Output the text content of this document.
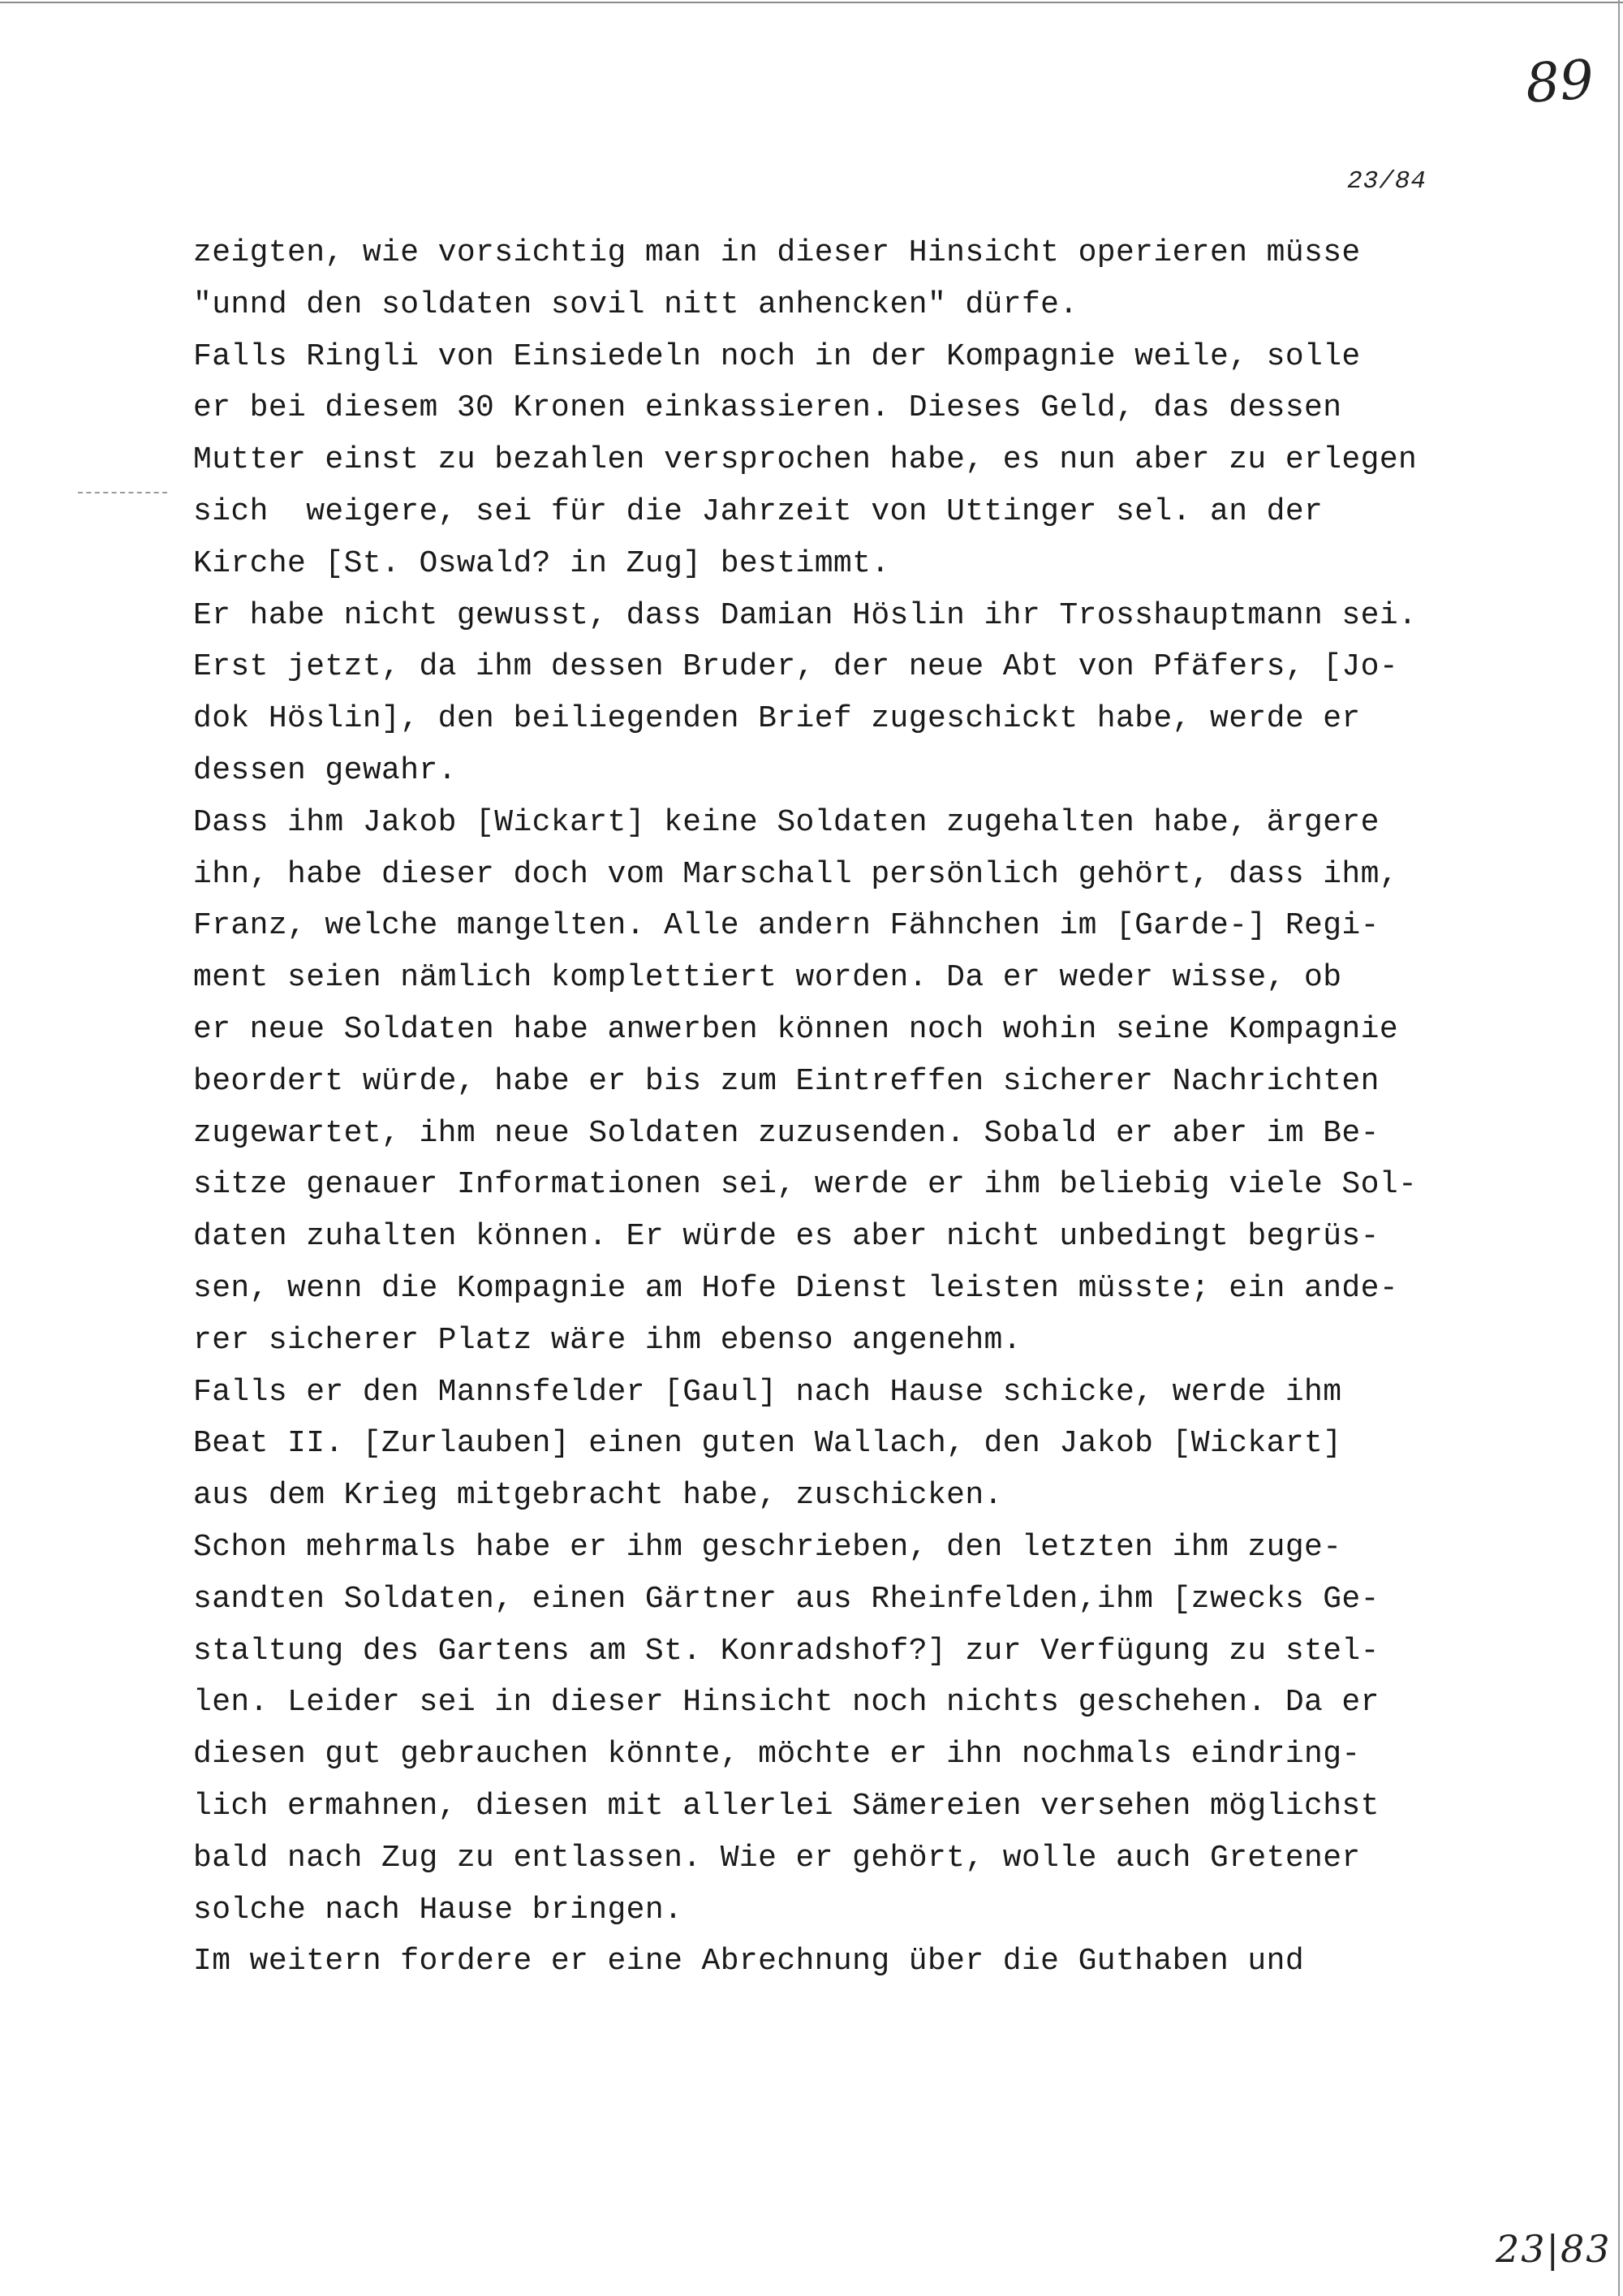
89
23/84
zeigten, wie vorsichtig man in dieser Hinsicht operieren müsse
"unnd den soldaten sovil nitt anhencken" dürfe.
Falls Ringli von Einsiedeln noch in der Kompagnie weile, solle
er bei diesem 30 Kronen einkassieren. Dieses Geld, das dessen
Mutter einst zu bezahlen versprochen habe, es nun aber zu erlegen
sich  weigere, sei für die Jahrzeit von Uttinger sel. an der
Kirche [St. Oswald? in Zug] bestimmt.
Er habe nicht gewusst, dass Damian Höslin ihr Trosshauptmann sei.
Erst jetzt, da ihm dessen Bruder, der neue Abt von Pfäfers, [Jo-
dok Höslin], den beiliegenden Brief zugeschickt habe, werde er
dessen gewahr.
Dass ihm Jakob [Wickart] keine Soldaten zugehalten habe, ärgere
ihn, habe dieser doch vom Marschall persönlich gehört, dass ihm,
Franz, welche mangelten. Alle andern Fähnchen im [Garde-] Regi-
ment seien nämlich komplettiert worden. Da er weder wisse, ob
er neue Soldaten habe anwerben können noch wohin seine Kompagnie
beordert würde, habe er bis zum Eintreffen sicherer Nachrichten
zugewartet, ihm neue Soldaten zuzusenden. Sobald er aber im Be-
sitze genauer Informationen sei, werde er ihm beliebig viele Sol-
daten zuhalten können. Er würde es aber nicht unbedingt begrüs-
sen, wenn die Kompagnie am Hofe Dienst leisten müsste; ein ande-
rer sicherer Platz wäre ihm ebenso angenehm.
Falls er den Mannsfelder [Gaul] nach Hause schicke, werde ihm
Beat II. [Zurlauben] einen guten Wallach, den Jakob [Wickart]
aus dem Krieg mitgebracht habe, zuschicken.
Schon mehrmals habe er ihm geschrieben, den letzten ihm zuge-
sandten Soldaten, einen Gärtner aus Rheinfelden,ihm [zwecks Ge-
staltung des Gartens am St. Konradshof?] zur Verfügung zu stel-
len. Leider sei in dieser Hinsicht noch nichts geschehen. Da er
diesen gut gebrauchen könnte, möchte er ihn nochmals eindring-
lich ermahnen, diesen mit allerlei Sämereien versehen möglichst
bald nach Zug zu entlassen. Wie er gehört, wolle auch Gretener
solche nach Hause bringen.
Im weitern fordere er eine Abrechnung über die Guthaben und
23|83
